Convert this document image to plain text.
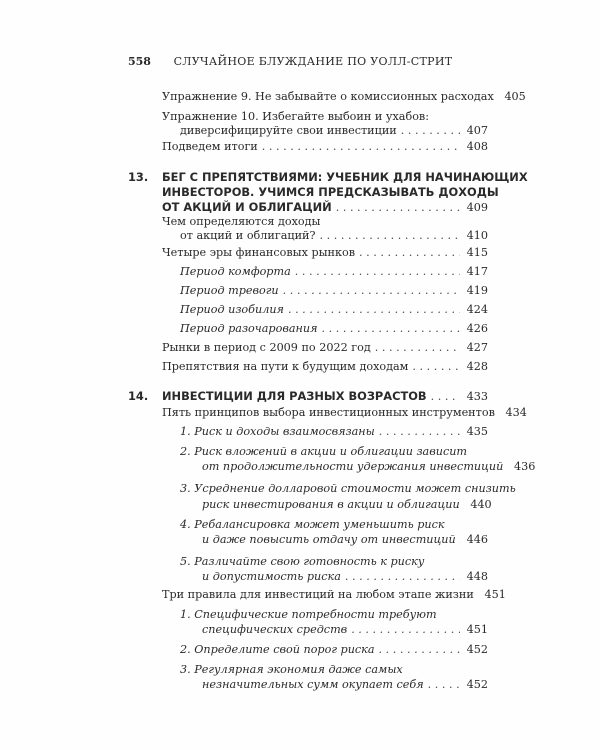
558	СЛУЧАЙНОЕ БЛУЖДАНИЕ ПО УОЛЛ-СТРИТ
Упражнение 9. Не забывайте о комиссионных расходах 405
Упражнение 10. Избегайте выбоин и ухабов:
диверсифицируйте свои инвестиции . . .	407
Подведем итоги . . .	408
13. БЕГ С ПРЕПЯТСТВИЯМИ: УЧЕБНИК ДЛЯ НАЧИНАЮЩИХ
ИНВЕСТОРОВ. УЧИМСЯ ПРЕДСКАЗЫВАТЬ ДОХОДЫ
ОТ АКЦИЙ И ОБЛИГАЦИЙ . . .	409
Чем определяются доходы
от акций и облигаций? . . .	410
Четыре эры финансовых рынков . . .	415
Период комфорта . . .	417
Период тревоги . . .	419
Период изобилия . . .	424
Период разочарования . . .	426
Рынки в период с 2009 по 2022 год . . .	427
Препятствия на пути к будущим доходам . . .	428
14. ИНВЕСТИЦИИ ДЛЯ РАЗНЫХ ВОЗРАСТОВ . . .	433
Пять принципов выбора инвестиционных инструментов 434
1. Риск и доходы взаимосвязаны . . .	435
2. Риск вложений в акции и облигации зависит
от продолжительности удержания инвестиций 436
3. Усреднение долларовой стоимости может снизить
риск инвестирования в акции и облигации 440
4. Ребалансировка может уменьшить риск
и даже повысить отдачу от инвестиций . . . 446
5. Различайте свою готовность к риску
и допустимость риска . . .	448
Три правила для инвестиций на любом этапе жизни 451
1. Специфические потребности требуют
специфических средств . . .	451
2. Определите свой порог риска . . .	452
3. Регулярная экономия даже самых
незначительных сумм окупает себя . . .	452
